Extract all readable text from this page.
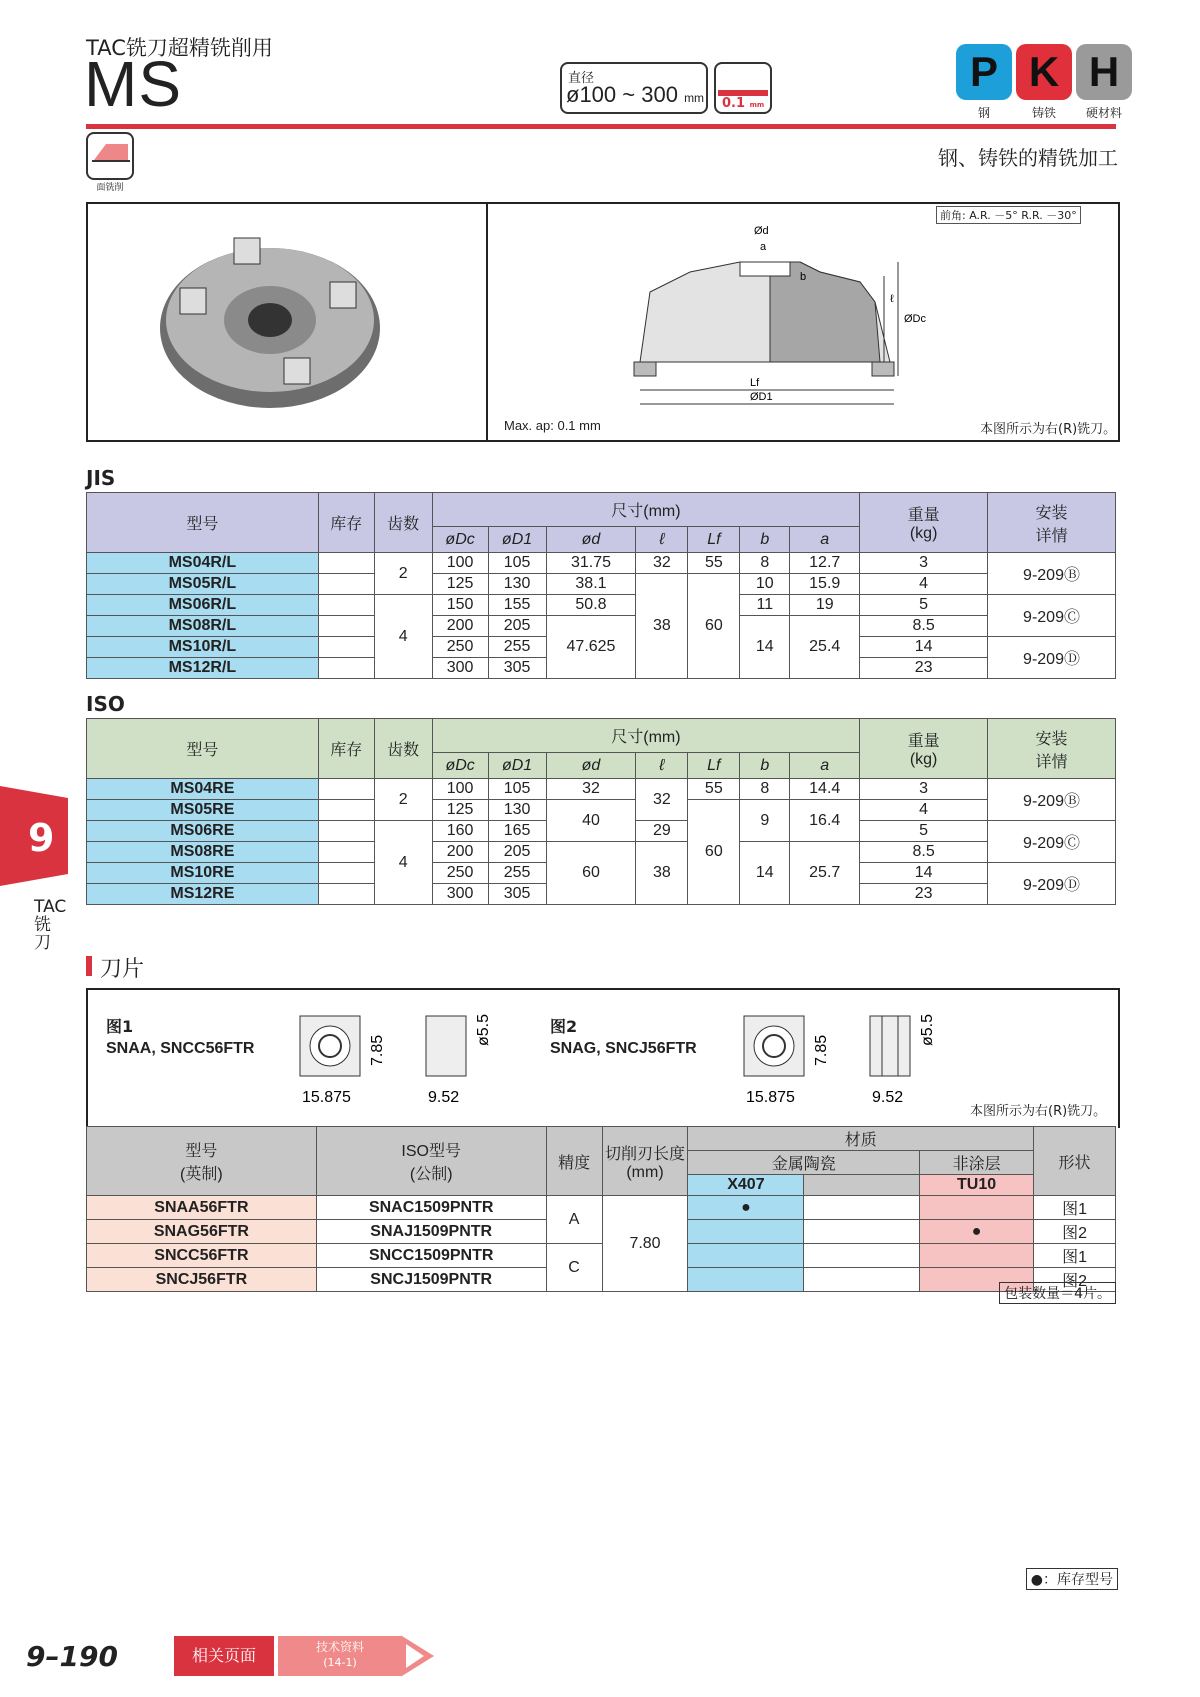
TAC铣刀超精铣削用
MS	直径
ø100 ~ 300 mm 0.1 mm
P K H
钢	铸铁	硬材料
面铣削
钢、铸铁的精铣加工
前角: A.R. －5° R.R. －30°
Lf
ØD1
Ød
a
b
ℓ
ØDc
Max. ap: 0.1 mm	本图所示为右(R)铣刀。
JIS
型号	库存	齿数	尺寸(mm)							重量
(kg)	安装
详情
			øDc	øD1	ød	ℓ	Lf	b	a		
MS04R/L		2	100	105	31.75	32	55	8	12.7	3	9-209Ⓑ
MS05R/L			125	130	38.1	38	60	10	15.9	4	
MS06R/L		4	150	155	50.8			11	19	5	9-209Ⓒ
MS08R/L			200	205	47.625			14	25.4	8.5	
MS10R/L			250	255						14	9-209Ⓓ
MS12R/L			300	305						23	
ISO
型号	库存	齿数	尺寸(mm)							重量
(kg)	安装
详情
			øDc	øD1	ød	ℓ	Lf	b	a		
MS04RE		2	100	105	32	32	55	8	14.4	3	9-209Ⓑ
MS05RE			125	130	40		60	9	16.4	4	
MS06RE		4	160	165		29				5	9-209Ⓒ
MS08RE			200	205	60	38		14	25.7	8.5	
MS10RE			250	255						14	9-209Ⓓ
MS12RE			300	305						23	
9
TAC铣刀
刀片
图1
SNAA, SNCC56FTR
15.875
7.85
9.52
ø5.5	图2
SNAG, SNCJ56FTR
15.875
7.85
9.52
ø5.5
本图所示为右(R)铣刀。
型号
(英制)	ISO型号
(公制)	精度	切削刃长度
(mm)	材质			形状
				金属陶瓷		非涂层	
				X407		TU10	
SNAA56FTR	SNAC1509PNTR	A	7.80	●			图1
SNAG56FTR	SNAJ1509PNTR					●	图2
SNCC56FTR	SNCC1509PNTR	C					图1
SNCJ56FTR	SNCJ1509PNTR						图2
包装数量＝4片。
●：库存型号
9–190	相关页面	技术资料
(14-1)
